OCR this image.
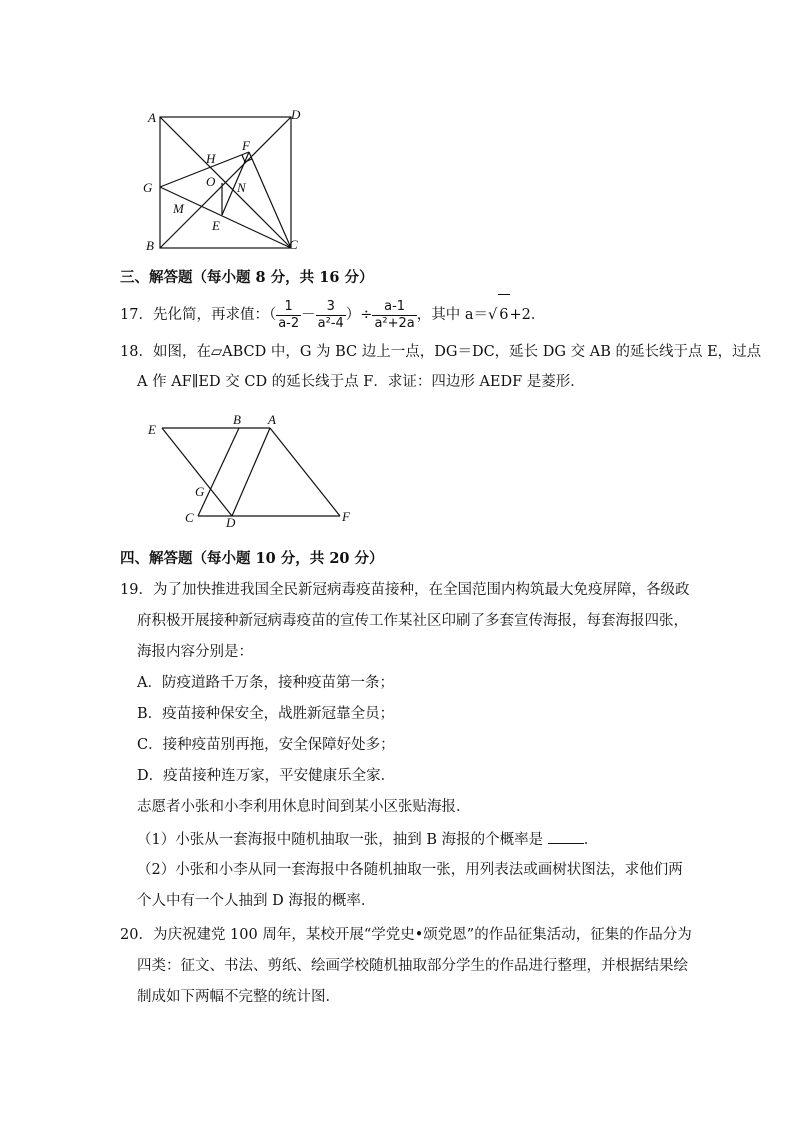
A	D
B	C
G
H
F
O N
M
E
三、解答题（每小题 8 分，共 16 分）
17．先化简，再求值：（ $\frac{1}{a-2} - \frac{3}{\text{a²-4}}$ ）÷ $\frac{a-1}{\text{a²+2a}}$ ，其中 a＝√ 6+2．
18．如图，在▱ABCD 中，G 为 BC 边上一点，DG＝DC，延长 DG 交 AB 的延长线于点 E，过点
A 作 AF∥ED 交 CD 的延长线于点 F．求证：四边形 AEDF 是菱形．
E
B A
G
C D	F
四、解答题（每小题 10 分，共 20 分）
19．为了加快推进我国全民新冠病毒疫苗接种，在全国范围内构筑最大免疫屏障，各级政
府积极开展接种新冠病毒疫苗的宣传工作某社区印刷了多套宣传海报，每套海报四张，
海报内容分别是：
A．防疫道路千万条，接种疫苗第一条；
B．疫苗接种保安全，战胜新冠靠全员；
C．接种疫苗别再拖，安全保障好处多；
D．疫苗接种连万家，平安健康乐全家．
志愿者小张和小李利用休息时间到某小区张贴海报．
（1）小张从一套海报中随机抽取一张，抽到 B 海报的个概率是	．
（2）小张和小李从同一套海报中各随机抽取一张，用列表法或画树状图法，求他们两
个人中有一个人抽到 D 海报的概率．
20．为庆祝建党 100 周年，某校开展“学党史•颂党恩”的作品征集活动，征集的作品分为
四类：征文、书法、剪纸、绘画学校随机抽取部分学生的作品进行整理，并根据结果绘
制成如下两幅不完整的统计图．
